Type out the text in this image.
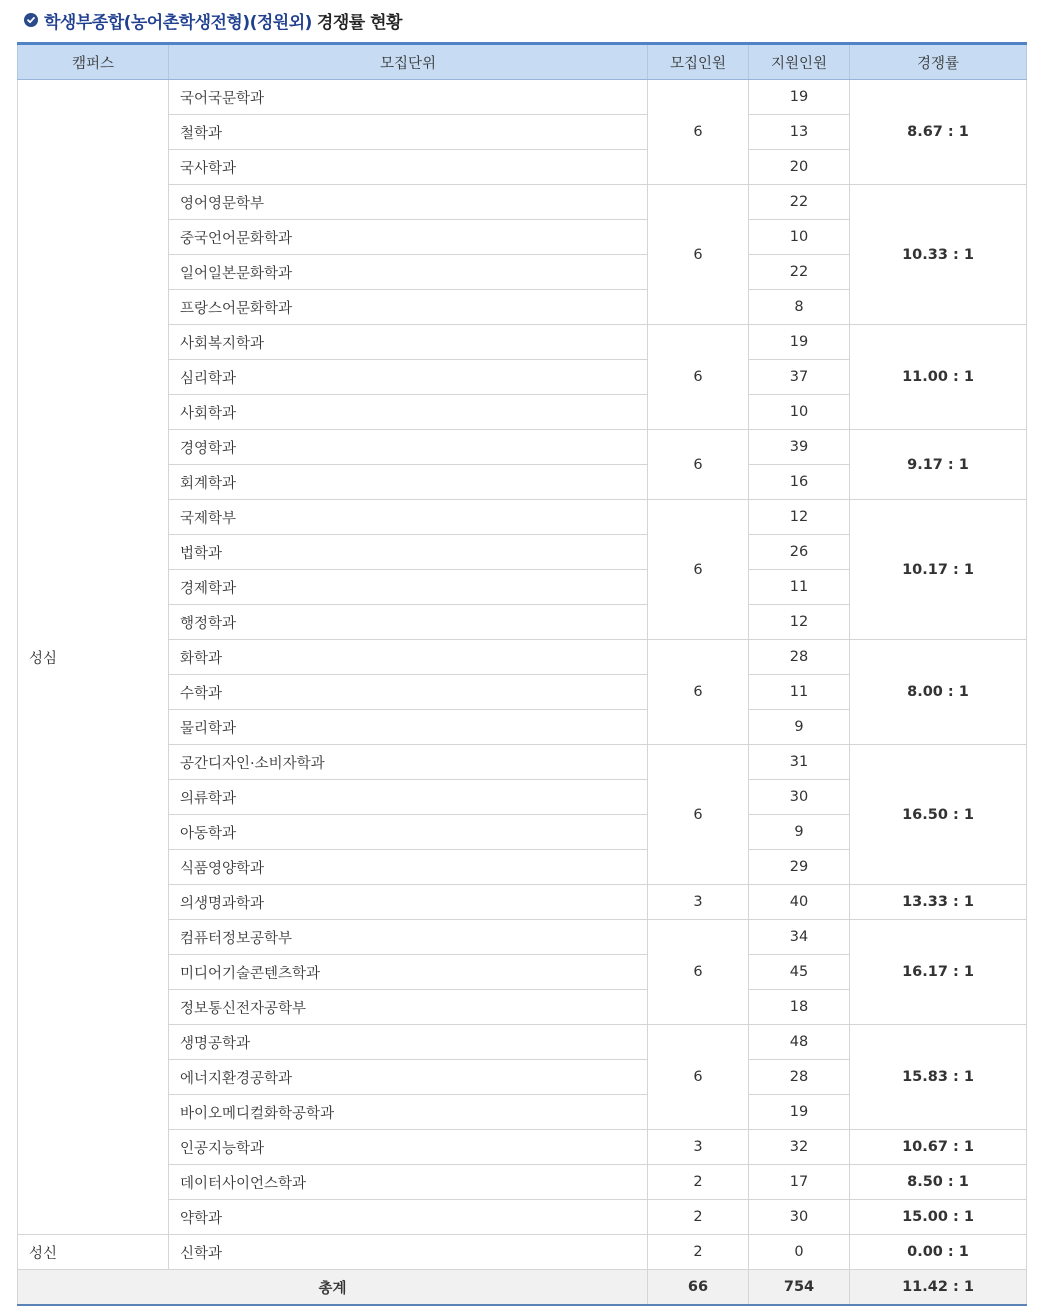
학생부종합(농어촌학생전형)(정원외) 경쟁률 현황
캠퍼스	모집단위	모집인원	지원인원	경쟁률
성심	국어국문학과	6	19	8.67 : 1
	철학과		13	
	국사학과		20	
	영어영문학부	6	22	10.33 : 1
	중국언어문화학과		10	
	일어일본문화학과		22	
	프랑스어문화학과		8	
	사회복지학과	6	19	11.00 : 1
	심리학과		37	
	사회학과		10	
	경영학과	6	39	9.17 : 1
	회계학과		16	
	국제학부	6	12	10.17 : 1
	법학과		26	
	경제학과		11	
	행정학과		12	
	화학과	6	28	8.00 : 1
	수학과		11	
	물리학과		9	
	공간디자인·소비자학과	6	31	16.50 : 1
	의류학과		30	
	아동학과		9	
	식품영양학과		29	
	의생명과학과	3	40	13.33 : 1
	컴퓨터정보공학부	6	34	16.17 : 1
	미디어기술콘텐츠학과		45	
	정보통신전자공학부		18	
	생명공학과	6	48	15.83 : 1
	에너지환경공학과		28	
	바이오메디컬화학공학과		19	
	인공지능학과	3	32	10.67 : 1
	데이터사이언스학과	2	17	8.50 : 1
	약학과	2	30	15.00 : 1
성신	신학과	2	0	0.00 : 1
총계		66	754	11.42 : 1
